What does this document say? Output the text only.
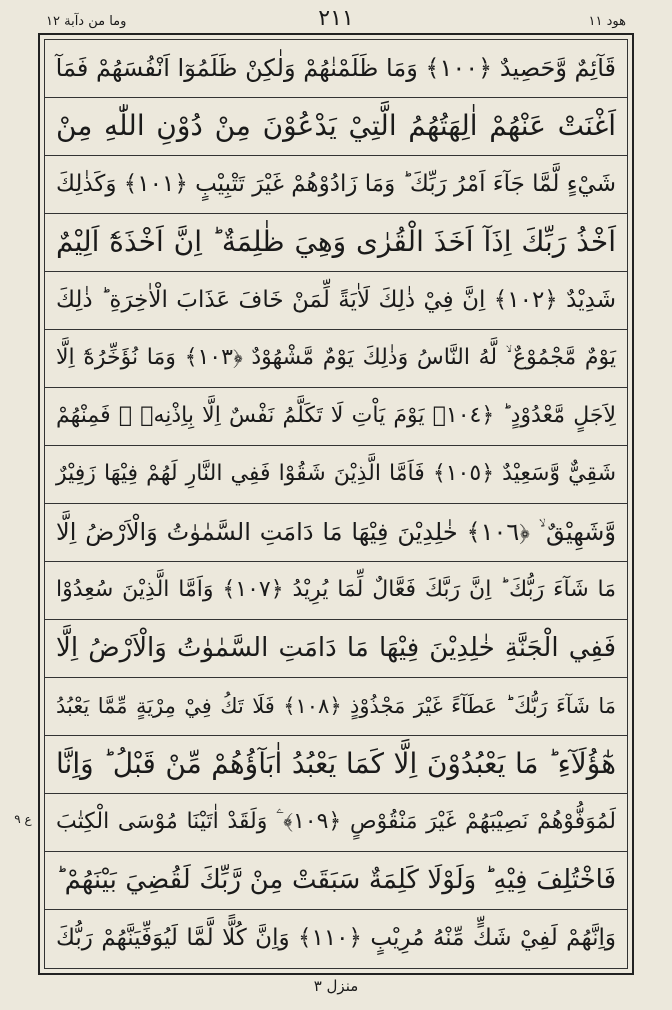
وما من دآبة ١٢	٢١١	هود ١١
ع ٩
قَآئِمٌ وَّحَصِيدٌ ﴿١٠٠﴾ وَمَا ظَلَمْنٰهُمْ وَلٰكِنْ ظَلَمُوٓا اَنْفُسَهُمْ فَمَآ
اَغْنَتْ عَنْهُمْ اٰلِهَتُهُمُ الَّتِيْ يَدْعُوْنَ مِنْ دُوْنِ اللّٰهِ مِنْ
شَيْءٍ لَّمَّا جَآءَ اَمْرُ رَبِّكَ ؕ وَمَا زَادُوْهُمْ غَيْرَ تَتْبِيْبٍ ﴿١٠١﴾ وَكَذٰلِكَ
اَخْذُ رَبِّكَ اِذَآ اَخَذَ الْقُرٰى وَهِيَ ظٰلِمَةٌ ؕ اِنَّ اَخْذَهٗٓ اَلِيْمٌ
شَدِيْدٌ ﴿١٠٢﴾ اِنَّ فِيْ ذٰلِكَ لَاٰيَةً لِّمَنْ خَافَ عَذَابَ الْاٰخِرَةِ ؕ ذٰلِكَ
يَوْمٌ مَّجْمُوْعٌ ۙ لَّهُ النَّاسُ وَذٰلِكَ يَوْمٌ مَّشْهُوْدٌ ﴿١٠٣﴾ وَمَا نُؤَخِّرُهٗٓ اِلَّا
لِاَجَلٍ مَّعْدُوْدٍ ؕ ﴿١٠٤﴾ يَوْمَ يَاْتِ لَا تَكَلَّمُ نَفْسٌ اِلَّا بِاِذْنِهٖ ۚ فَمِنْهُمْ
شَقِيٌّ وَّسَعِيْدٌ ﴿١٠٥﴾ فَاَمَّا الَّذِيْنَ شَقُوْا فَفِي النَّارِ لَهُمْ فِيْهَا زَفِيْرٌ
وَّشَهِيْقٌ ۙ ﴿١٠٦﴾ خٰلِدِيْنَ فِيْهَا مَا دَامَتِ السَّمٰوٰتُ وَالْاَرْضُ اِلَّا
مَا شَآءَ رَبُّكَ ؕ اِنَّ رَبَّكَ فَعَّالٌ لِّمَا يُرِيْدُ ﴿١٠٧﴾ وَاَمَّا الَّذِيْنَ سُعِدُوْا
فَفِي الْجَنَّةِ خٰلِدِيْنَ فِيْهَا مَا دَامَتِ السَّمٰوٰتُ وَالْاَرْضُ اِلَّا
مَا شَآءَ رَبُّكَ ؕ عَطَآءً غَيْرَ مَجْذُوْذٍ ﴿١٠٨﴾ فَلَا تَكُ فِيْ مِرْيَةٍ مِّمَّا يَعْبُدُ
هٰٓؤُلَآءِ ؕ مَا يَعْبُدُوْنَ اِلَّا كَمَا يَعْبُدُ اٰبَآؤُهُمْ مِّنْ قَبْلُ ؕ وَاِنَّا
لَمُوَفُّوْهُمْ نَصِيْبَهُمْ غَيْرَ مَنْقُوْصٍ ﴿١٠٩﴾ ۧ وَلَقَدْ اٰتَيْنَا مُوْسَى الْكِتٰبَ
فَاخْتُلِفَ فِيْهِ ؕ وَلَوْلَا كَلِمَةٌ سَبَقَتْ مِنْ رَّبِّكَ لَقُضِيَ بَيْنَهُمْ ؕ
وَاِنَّهُمْ لَفِيْ شَكٍّ مِّنْهُ مُرِيْبٍ ﴿١١٠﴾ وَاِنَّ كُلًّا لَّمَّا لَيُوَفِّيَنَّهُمْ رَبُّكَ
منزل ٣
